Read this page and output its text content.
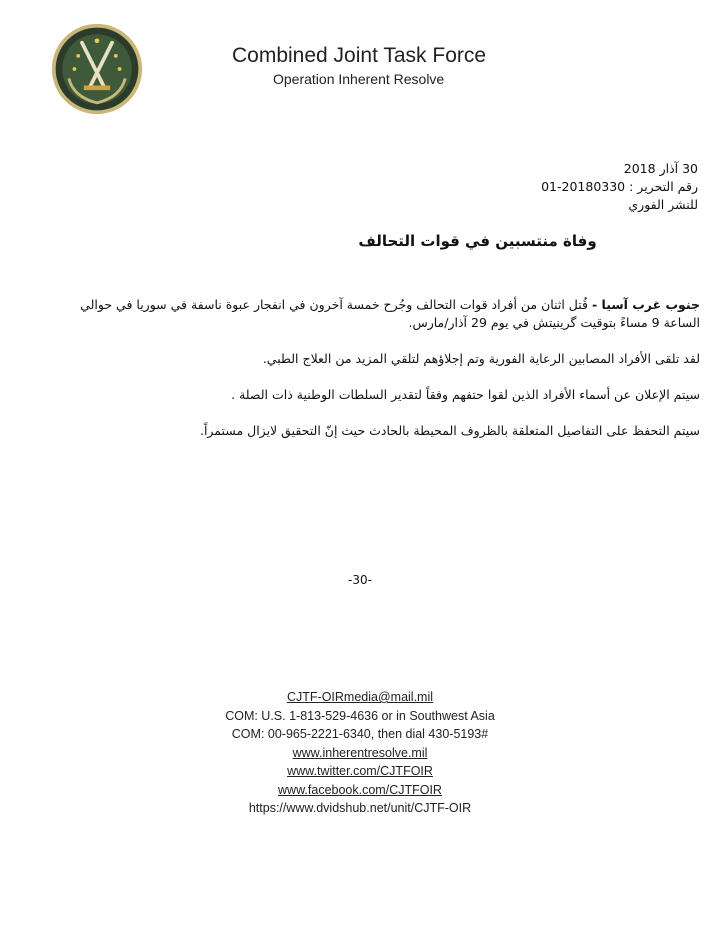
Combined Joint Task Force
Operation Inherent Resolve
30 آذار 2018
رقم التحرير : 20180330-01
للنشر الفوري
وفاة منتسبين في قوات التحالف

جنوب غرب آسيا - قُتل اثنان من أفراد قوات التحالف وجُرح خمسة آخرون في انفجار عبوة ناسفة في سوريا في حوالي الساعة 9 مساءً بتوقيت گرينيتش في يوم 29 آذار/مارس.

لقد تلقى الأفراد المصابين الرعاية الفورية وتم إجلاؤهم لتلقي المزيد من العلاج الطبي.

سيتم الإعلان عن أسماء الأفراد الذين لقوا حتفهم وفقاً لتقدير السلطات الوطنية ذات الصلة .

سيتم التحفظ على التفاصيل المتعلقة بالظروف المحيطة بالحادث حيث إنّ التحقيق لايزال مستمراً.

-30-
CJTF-OIRmedia@mail.mil
COM: U.S. 1-813-529-4636 or in Southwest Asia
COM: 00-965-2221-6340, then dial 430-5193#
www.inherentresolve.mil
www.twitter.com/CJTFOIR
www.facebook.com/CJTFOIR
https://www.dvidshub.net/unit/CJTF-OIR
